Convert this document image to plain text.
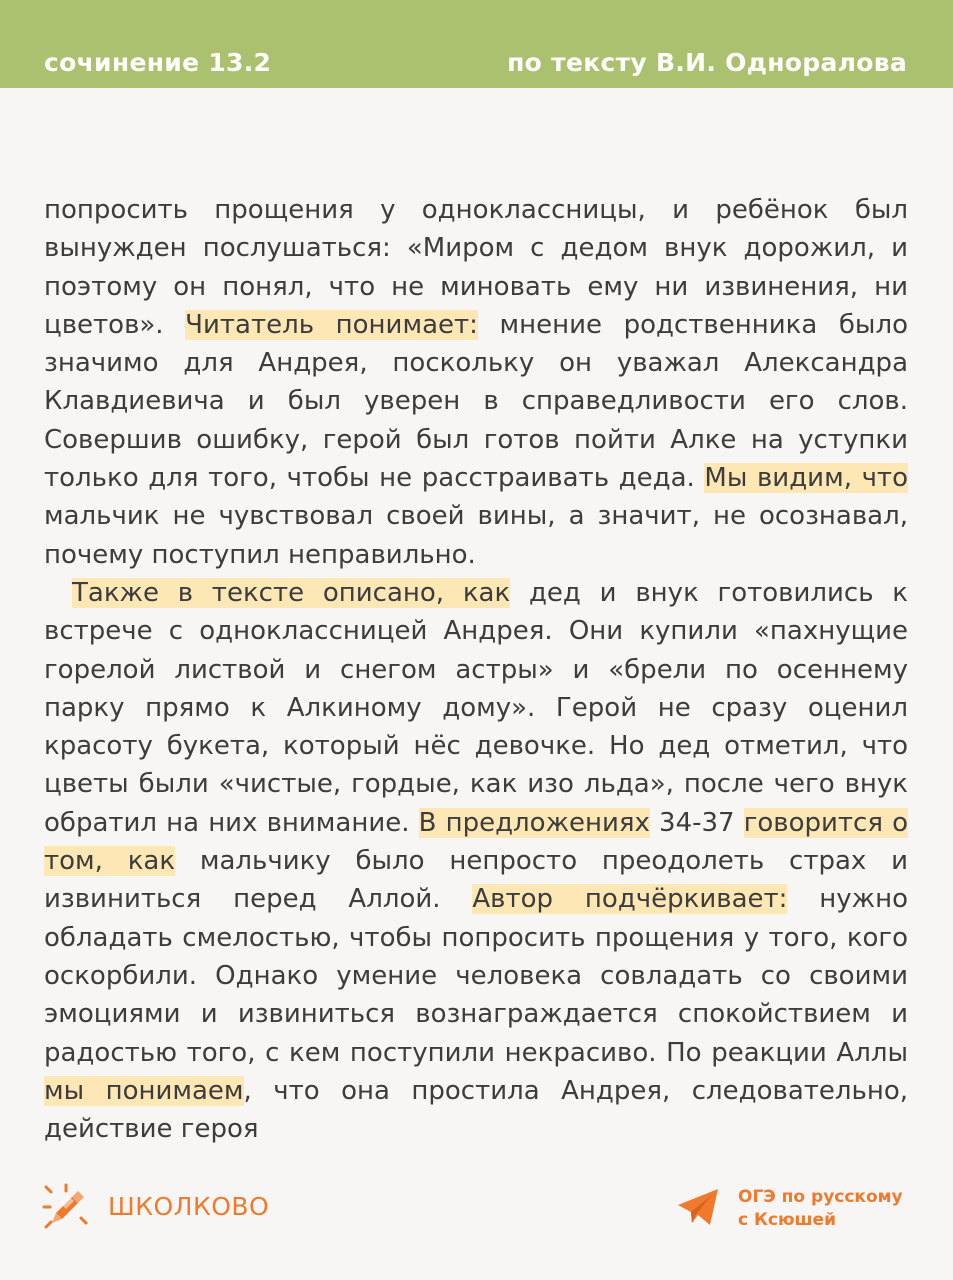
сочинение 13.2	по тексту В.И. Одноралова

попросить прощения у одноклассницы, и ребёнок был вынужден послушаться: «Миром с дедом внук дорожил, и поэтому он понял, что не миновать ему ни извинения, ни цветов». Читатель понимает: мнение родственника было значимо для Андрея, поскольку он уважал Александра Клавдиевича и был уверен в справедливости его слов. Совершив ошибку, герой был готов пойти Алке на уступки только для того, чтобы не расстраивать деда. Мы видим, что мальчик не чувствовал своей вины, а значит, не осознавал, почему поступил неправильно.

Также в тексте описано, как дед и внук готовились к встрече с одноклассницей Андрея. Они купили «пахнущие горелой листвой и снегом астры» и «брели по осеннему парку прямо к Алкиному дому». Герой не сразу оценил красоту букета, который нёс девочке. Но дед отметил, что цветы были «чистые, гордые, как изо льда», после чего внук обратил на них внимание. В предложениях 34-37 говорится о том, как мальчику было непросто преодолеть страх и извиниться перед Аллой. Автор подчёркивает: нужно обладать смелостью, чтобы попросить прощения у того, кого оскорбили. Однако умение человека совладать со своими эмоциями и извиниться вознаграждается спокойствием и радостью того, с кем поступили некрасиво. По реакции Аллы мы понимаем, что она простила Андрея, следовательно, действие героя

ШКОЛКОВО	ОГЭ по русскому
с Ксюшей
